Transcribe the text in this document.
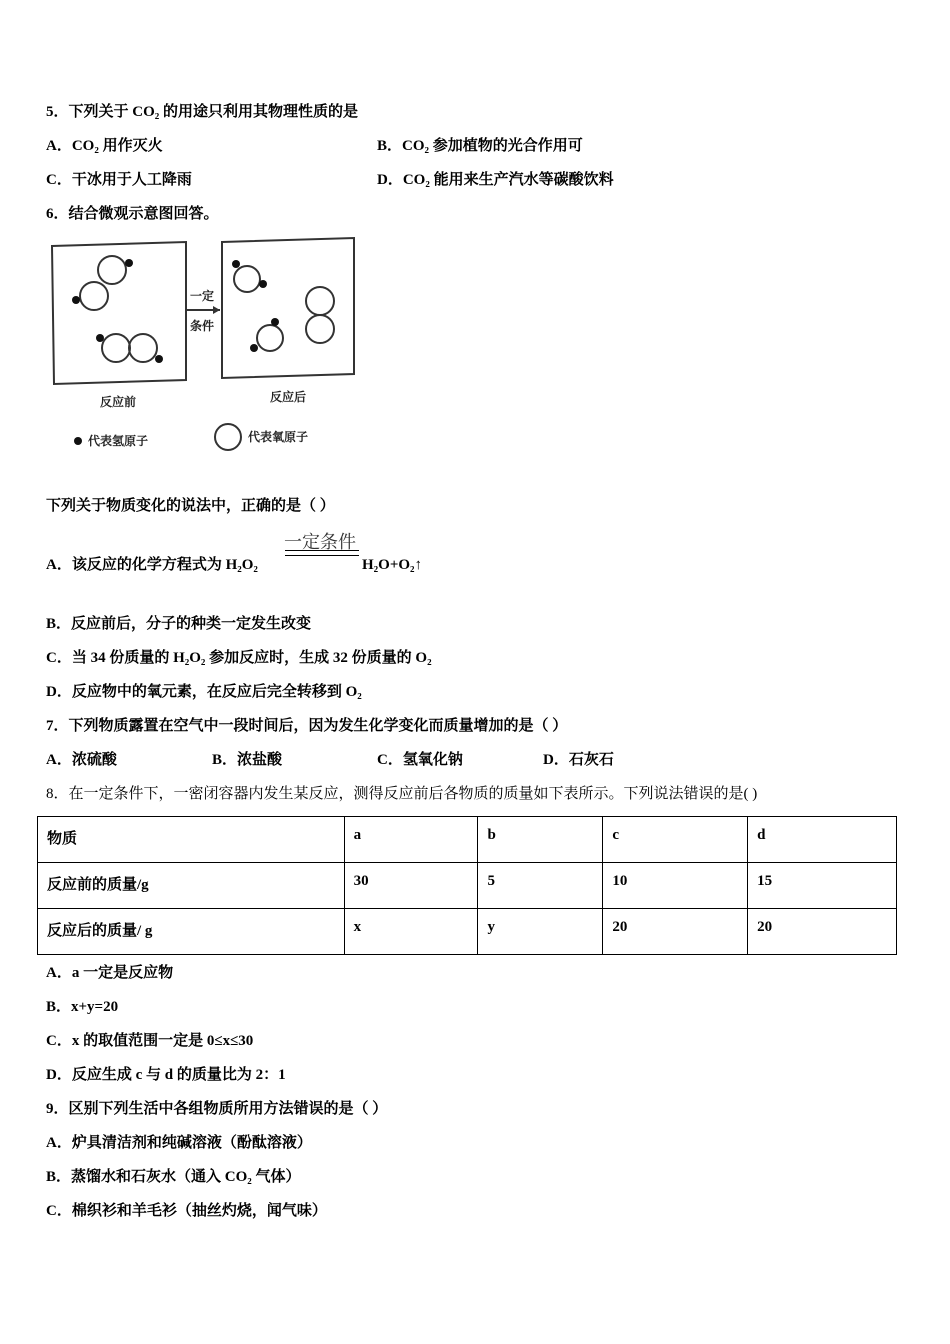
5．下列关于 CO₂ 的用途只利用其物理性质的是
A．CO₂ 用作灭火	B．CO₂ 参加植物的光合作用可
C．干冰用于人工降雨	D．CO₂ 能用来生产汽水等碳酸饮料
6．结合微观示意图回答。
一定
条件
反应前	反应后
代表氢原子	代表氧原子
下列关于物质变化的说法中，正确的是（ ）
A．该反应的化学方程式为 H₂O₂
一定条件
H₂O+O₂↑
B．反应前后，分子的种类一定发生改变
C．当 34 份质量的 H₂O₂ 参加反应时，生成 32 份质量的 O₂
D．反应物中的氧元素，在反应后完全转移到 O₂
7．下列物质露置在空气中一段时间后，因为发生化学变化而质量增加的是（ ）
A．浓硫酸	B．浓盐酸	C．氢氧化钠	D．石灰石
8．在一定条件下，一密闭容器内发生某反应，测得反应前后各物质的质量如下表所示。下列说法错误的是( )
物质	a	b	c	d
反应前的质量/g	30	5	10	15
反应后的质量/ g	x	y	20	20
A．a 一定是反应物
B．x+y=20
C．x 的取值范围一定是 0≤x≤30
D．反应生成 c 与 d 的质量比为 2：1
9．区别下列生活中各组物质所用方法错误的是（ ）
A．炉具清洁剂和纯碱溶液（酚酞溶液）
B．蒸馏水和石灰水（通入 CO₂ 气体）
C．棉织衫和羊毛衫（抽丝灼烧，闻气味）
